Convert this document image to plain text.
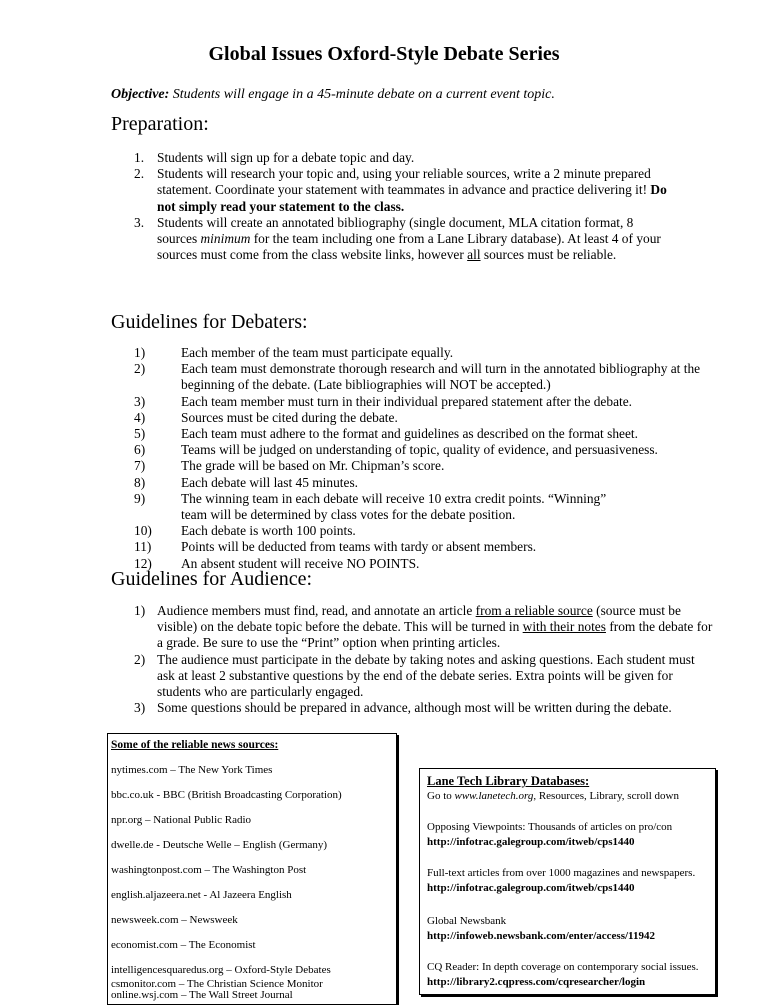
Global Issues Oxford-Style Debate Series
Objective: Students will engage in a 45-minute debate on a current event topic.
Preparation:
1. Students will sign up for a debate topic and day.
2. Students will research your topic and, using your reliable sources, write a 2 minute prepared statement. Coordinate your statement with teammates in advance and practice delivering it! Do not simply read your statement to the class.
3. Students will create an annotated bibliography (single document, MLA citation format, 8 sources minimum for the team including one from a Lane Library database). At least 4 of your sources must come from the class website links, however all sources must be reliable.
Guidelines for Debaters:
1)	Each member of the team must participate equally.
2)	Each team must demonstrate thorough research and will turn in the annotated bibliography at the beginning of the debate. (Late bibliographies will NOT be accepted.)
3)	Each team member must turn in their individual prepared statement after the debate.
4)	Sources must be cited during the debate.
5)	Each team must adhere to the format and guidelines as described on the format sheet.
6)	Teams will be judged on understanding of topic, quality of evidence, and persuasiveness.
7)	The grade will be based on Mr. Chipman’s score.
8)	Each debate will last 45 minutes.
9)	The winning team in each debate will receive 10 extra credit points. “Winning” team will be determined by class votes for the debate position.
10) Each debate is worth 100 points.
11) Points will be deducted from teams with tardy or absent members.
12) An absent student will receive NO POINTS.
Guidelines for Audience:
1) Audience members must find, read, and annotate an article from a reliable source (source must be visible) on the debate topic before the debate. This will be turned in with their notes from the debate for a grade. Be sure to use the “Print” option when printing articles.
2) The audience must participate in the debate by taking notes and asking questions. Each student must ask at least 2 substantive questions by the end of the debate series. Extra points will be given for students who are particularly engaged.
3) Some questions should be prepared in advance, although most will be written during the debate.
Some of the reliable news sources:
nytimes.com – The New York Times
bbc.co.uk - BBC (British Broadcasting Corporation)
npr.org – National Public Radio
dwelle.de - Deutsche Welle – English (Germany)
washingtonpost.com – The Washington Post
english.aljazeera.net - Al Jazeera English
newsweek.com – Newsweek
economist.com – The Economist
intelligencesquaredus.org – Oxford-Style Debates
online.wsj.com – The Wall Street Journal
csmonitor.com – The Christian Science Monitor
Lane Tech Library Databases:
Go to www.lanetech.org, Resources, Library, scroll down
Opposing Viewpoints: Thousands of articles on pro/con
http://infotrac.galegroup.com/itweb/cps1440
Full-text articles from over 1000 magazines and newspapers.
http://infotrac.galegroup.com/itweb/cps1440
Global Newsbank
http://infoweb.newsbank.com/enter/access/11942
CQ Reader: In depth coverage on contemporary social issues.
http://library2.cqpress.com/cqresearcher/login
